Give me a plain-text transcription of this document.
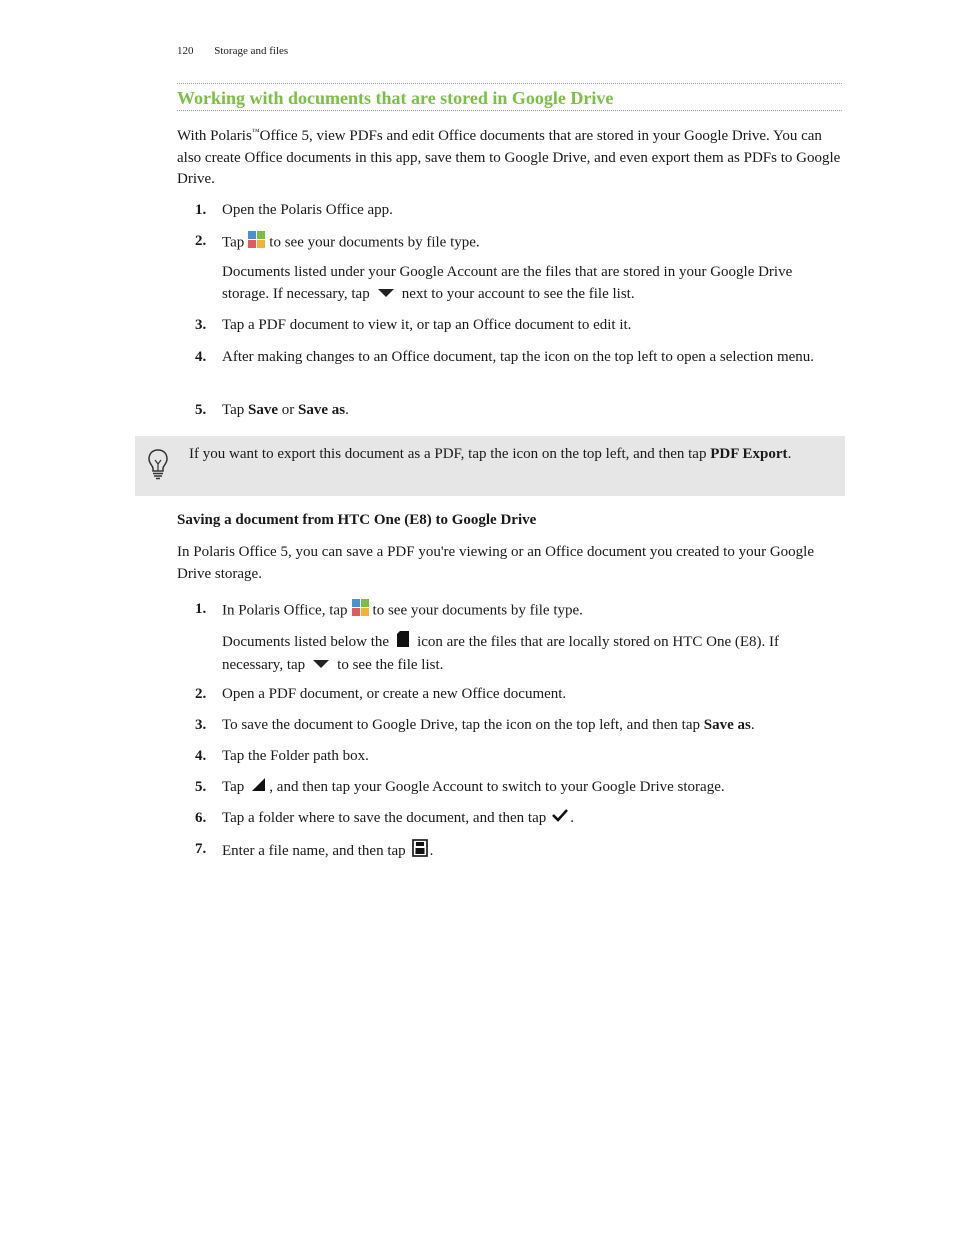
120 Storage and files
Working with documents that are stored in Google Drive

With Polaris™Office 5, view PDFs and edit Office documents that are stored in your Google Drive. You can also create Office documents in this app, save them to Google Drive, and even export them as PDFs to Google Drive.

1. Open the Polaris Office app.
2. Tap to see your documents by file type.
Documents listed under your Google Account are the files that are stored in your Google Drive storage. If necessary, tap next to your account to see the file list.
3. Tap a PDF document to view it, or tap an Office document to edit it.
4. After making changes to an Office document, tap the icon on the top left to open a selection menu.
5. Tap Save or Save as.
If you want to export this document as a PDF, tap the icon on the top left, and then tap PDF Export.
Saving a document from HTC One (E8) to Google Drive

In Polaris Office 5, you can save a PDF you're viewing or an Office document you created to your Google Drive storage.

1. In Polaris Office, tap to see your documents by file type.
Documents listed below the icon are the files that are locally stored on HTC One (E8). If necessary, tap to see the file list.
2. Open a PDF document, or create a new Office document.
3. To save the document to Google Drive, tap the icon on the top left, and then tap Save as.
4. Tap the Folder path box.
5. Tap , and then tap your Google Account to switch to your Google Drive storage.
6. Tap a folder where to save the document, and then tap .
7. Enter a file name, and then tap .
